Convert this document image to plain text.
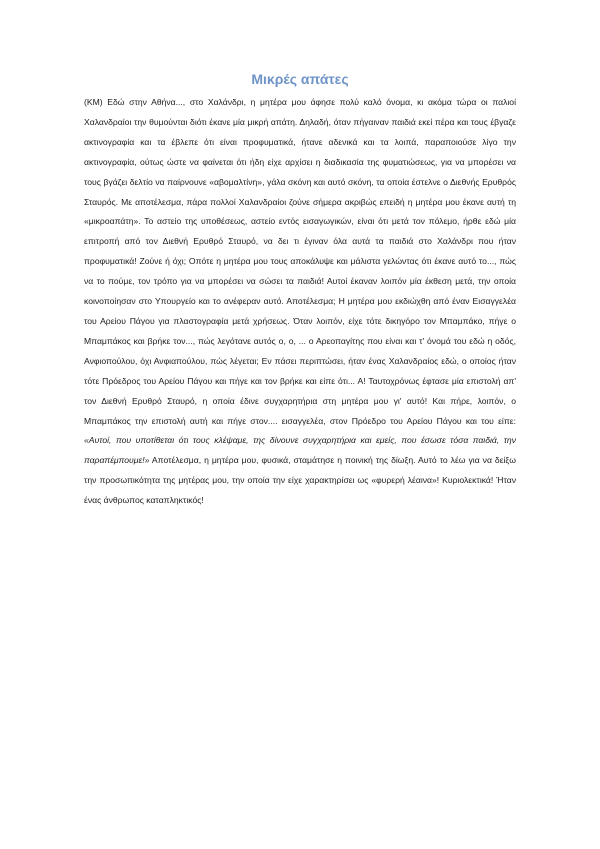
Μικρές απάτες

(ΚΜ) Εδώ στην Αθήνα..., στο Χαλάνδρι, η μητέρα μου άφησε πολύ καλό όνομα, κι ακόμα τώρα οι παλιοί Χαλανδραίοι την θυμούνται διότι έκανε μία μικρή απάτη. Δηλαδή, όταν πήγαιναν παιδιά εκεί πέρα και τους έβγαζε ακτινογραφία και τα έβλεπε ότι είναι προφυματικά, ήτανε αδενικά και τα λοιπά, παραποιούσε λίγο την ακτινογραφία, ούτως ώστε να φαίνεται ότι ήδη είχε αρχίσει η διαδικασία της φυματιώσεως, για να μπορέσει να τους βγάζει δελτίο να παίρνουνε «αβομαλτίνη», γάλα σκόνη και αυτό σκόνη, τα οποία έστελνε ο Διεθνής Ερυθρός Σταυρός. Με αποτέλεσμα, πάρα πολλοί Χαλανδραίοι ζούνε σήμερα ακριβώς επειδή η μητέρα μου έκανε αυτή τη «μικροαπάτη». Το αστείο της υποθέσεως, αστείο εντός εισαγωγικών, είναι ότι μετά τον πόλεμο, ήρθε εδώ μία επιτροπή από τον Διεθνή Ερυθρό Σταυρό, να δει τι έγιναν όλα αυτά τα παιδιά στο Χαλάνδρι που ήταν προφυματικά! Ζούνε ή όχι; Οπότε η μητέρα μου τους αποκάλυψε και μάλιστα γελώντας ότι έκανε αυτό το..., πώς να το πούμε, τον τρόπο για να μπορέσει να σώσει τα παιδιά! Αυτοί έκαναν λοιπόν μία έκθεση μετά, την οποία κοινοποίησαν στο Υπουργείο και το ανέφεραν αυτό. Αποτέλεσμα; Η μητέρα μου εκδιώχθη από έναν Εισαγγελέα του Αρείου Πάγου για πλαστογραφία μετά χρήσεως. Όταν λοιπόν, είχε τότε δικηγόρο τον Μπαμπάκο, πήγε ο Μπαμπάκος και βρήκε τον..., πώς λεγότανε αυτός ο, ο, ... ο Αρεοπαγίτης που είναι και τ' όνομά του εδώ η οδός, Ανφιοπούλου, όχι Ανφιαπούλου, πώς λέγεται; Εν πάσει περιπτώσει, ήταν ένας Χαλανδραίος εδώ, ο οποίος ήταν τότε Πρόεδρος του Αρείου Πάγου και πήγε και τον βρήκε και είπε ότι... Α! Ταυτοχρόνως έφτασε μία επιστολή απ' τον Διεθνή Ερυθρό Σταυρό, η οποία έδινε συγχαρητήρια στη μητέρα μου γι' αυτό! Και πήρε, λοιπόν, ο Μπαμπάκος την επιστολή αυτή και πήγε στον.... εισαγγελέα, στον Πρόεδρο του Αρείου Πάγου και του είπε: «Αυτοί, που υποτίθεται ότι τους κλέψαμε, της δίνουνε συγχαρητήρια και εμείς, που έσωσε τόσα παιδιά, την παραπέμπουμε!» Αποτέλεσμα, η μητέρα μου, φυσικά, σταμάτησε η ποινική της δίωξη. Αυτό το λέω για να δείξω την προσωπικότητα της μητέρας μου, την οποία την είχε χαρακτηρίσει ως «φυρερή λέαινα»! Κυριολεκτικά! Ήταν ένας άνθρωπος καταπληκτικός!
